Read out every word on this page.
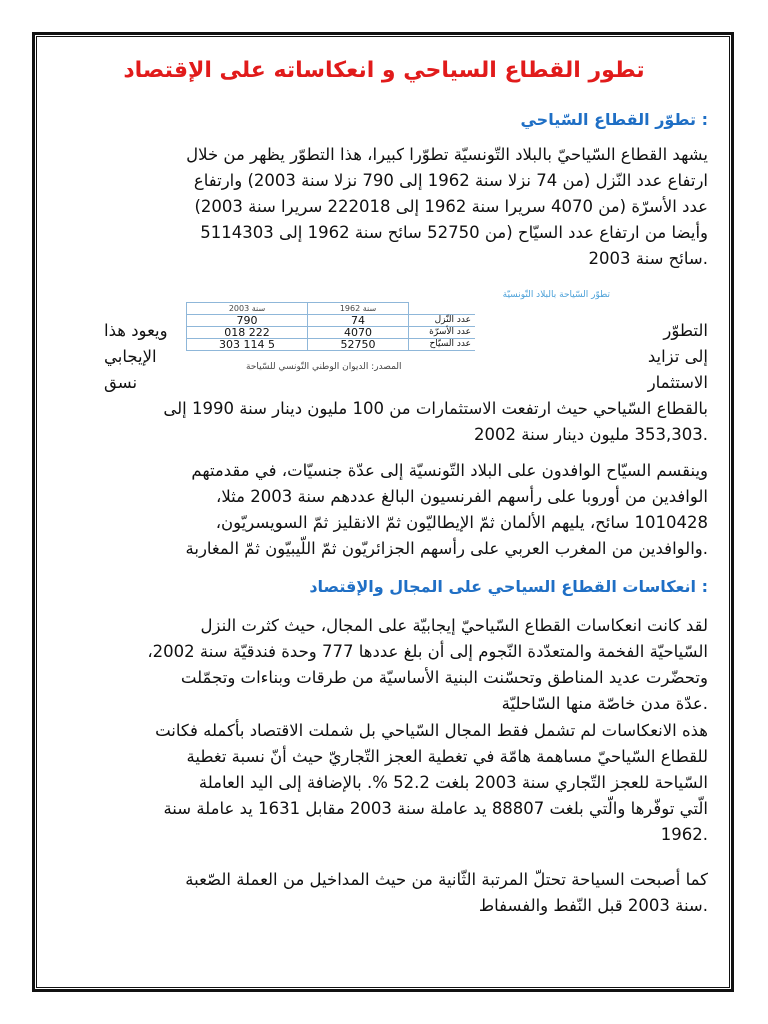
تطور القطاع السياحي و انعكاساته على الإقتصاد
: تطوّر القطاع السّياحي
يشهد القطاع السّياحيّ بالبلاد التّونسيّة تطوّرا كبيرا، هذا التطوّر يظهر من خلال
ارتفاع عدد النّزل (من 74 نزلا سنة 1962 إلى 790 نزلا سنة 2003) وارتفاع
عدد الأسرّة (من 4070 سريرا سنة 1962 إلى 222018 سريرا سنة 2003)
وأيضا من ارتفاع عدد السيّاح (من 52750 سائح سنة 1962 إلى 5114303
.سائح سنة 2003
التطوّر
إلى تزايد
الاستثمار
ويعود هذا
الإيجابي
نسق
تطوّر السّياحة بالبلاد التّونسيّة
	سنة 1962	سنة 2003
عدد النّزل	74	790
عدد الأسرّة	4070	222 018
عدد السيّاح	52750	5 114 303
المصدر: الديوان الوطني التّونسي للسّياحة
بالقطاع السّياحي حيث ارتفعت الاستثمارات من 100 مليون دينار سنة 1990 إلى
.353,303 مليون دينار سنة 2002
وينقسم السيّاح الوافدون على البلاد التّونسيّة إلى عدّة جنسيّات، في مقدمتهم
الوافدين من أوروبا على رأسهم الفرنسيون البالغ عددهم سنة 2003 مثلا،
1010428 سائح، يليهم الألمان ثمّ الإيطاليّون ثمّ الانقليز ثمّ السويسريّون،
.والوافدين من المغرب العربي على رأسهم الجزائريّون ثمّ اللّيبيّون ثمّ المغاربة
: انعكاسات القطاع السياحي على المجال والإقتصاد
لقد كانت انعكاسات القطاع السّياحيّ إيجابيّة على المجال، حيث كثرت النزل
السّياحيّة الفخمة والمتعدّدة النّجوم إلى أن بلغ عددها 777 وحدة فندقيّة سنة 2002،
وتحضّرت عديد المناطق وتحسّنت البنية الأساسيّة من طرقات وبناءات وتجمّلت
.عدّة مدن خاصّة منها السّاحليّة
هذه الانعكاسات لم تشمل فقط المجال السّياحي بل شملت الاقتصاد بأكمله فكانت
للقطاع السّياحيّ مساهمة هامّة في تغطية العجز التّجاريّ حيث أنّ نسبة تغطية
السّياحة للعجز التّجاري سنة 2003 بلغت 52.2 %. بالإضافة إلى اليد العاملة
الّتي توفّرها والّتي بلغت 88807 يد عاملة سنة 2003 مقابل 1631 يد عاملة سنة
.1962
كما أصبحت السياحة تحتلّ المرتبة الثّانية من حيث المداخيل من العملة الصّعبة
.سنة 2003 قبل النّفط والفسفاط
